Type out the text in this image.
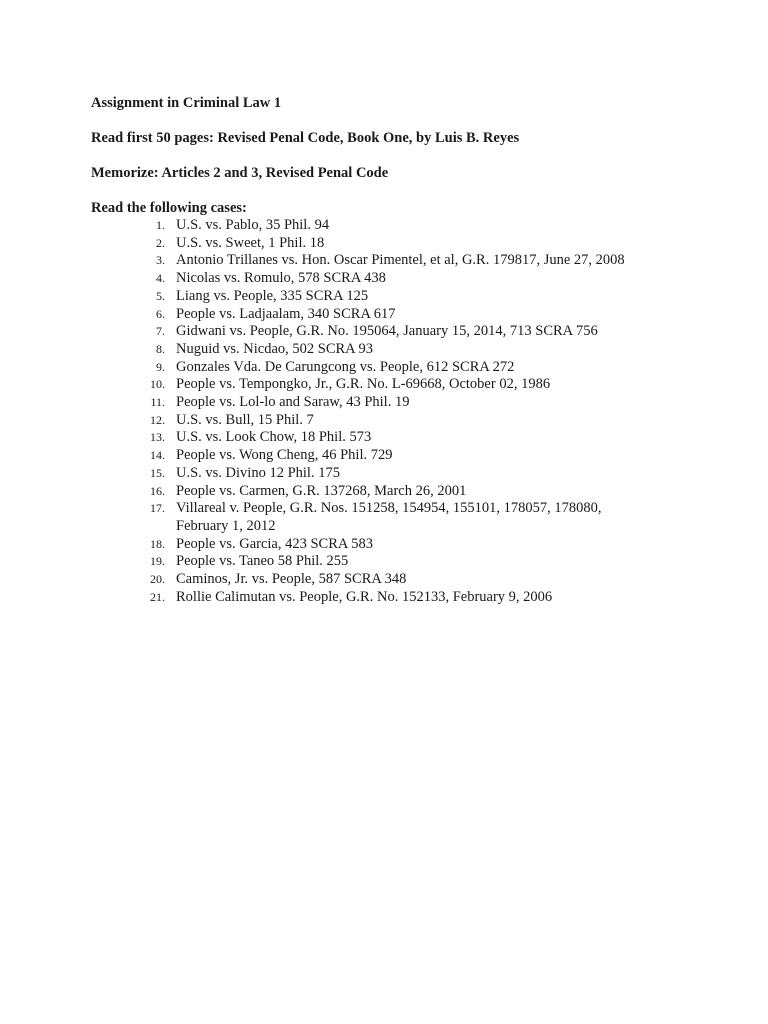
Assignment in Criminal Law 1

Read first 50 pages: Revised Penal Code, Book One, by Luis B. Reyes

Memorize: Articles 2 and 3, Revised Penal Code

Read the following cases:

1. U.S. vs. Pablo, 35 Phil. 94
2. U.S. vs. Sweet, 1 Phil. 18
3. Antonio Trillanes vs. Hon. Oscar Pimentel, et al, G.R. 179817, June 27, 2008
4. Nicolas vs. Romulo, 578 SCRA 438
5. Liang vs. People, 335 SCRA 125
6. People vs. Ladjaalam, 340 SCRA 617
7. Gidwani vs. People, G.R. No. 195064, January 15, 2014, 713 SCRA 756
8. Nuguid vs. Nicdao, 502 SCRA 93
9. Gonzales Vda. De Carungcong vs. People, 612 SCRA 272
10. People vs. Tempongko, Jr., G.R. No. L-69668, October 02, 1986
11. People vs. Lol-lo and Saraw, 43 Phil. 19
12. U.S. vs. Bull, 15 Phil. 7
13. U.S. vs. Look Chow, 18 Phil. 573
14. People vs. Wong Cheng, 46 Phil. 729
15. U.S. vs. Divino 12 Phil. 175
16. People vs. Carmen, G.R. 137268, March 26, 2001
17. Villareal v. People, G.R. Nos. 151258, 154954, 155101, 178057, 178080, February 1, 2012
18. People vs. Garcia, 423 SCRA 583
19. People vs. Taneo 58 Phil. 255
20. Caminos, Jr. vs. People, 587 SCRA 348
21. Rollie Calimutan vs. People, G.R. No. 152133, February 9, 2006
